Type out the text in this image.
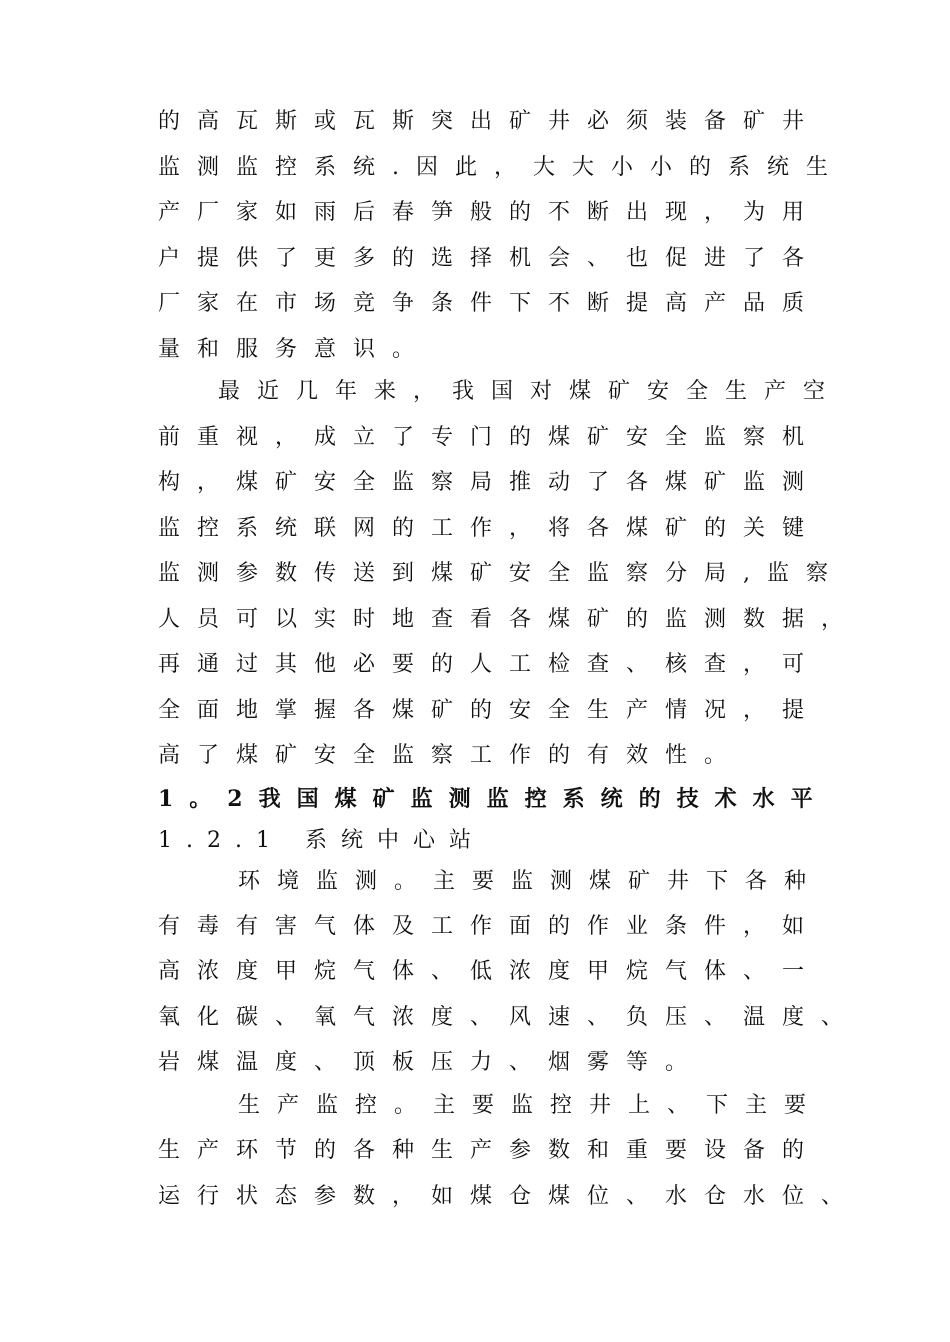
的高瓦斯或瓦斯突出矿井必须装备矿井

监测监控系统.因此，大大小小的系统生

产厂家如雨后春笋般的不断出现，为用

户提供了更多的选择机会、也促进了各

厂家在市场竞争条件下不断提高产品质

量和服务意识。

最近几年来，我国对煤矿安全生产空

前重视，成立了专门的煤矿安全监察机

构，煤矿安全监察局推动了各煤矿监测

监控系统联网的工作，将各煤矿的关键

监测参数传送到煤矿安全监察分局,监察

人员可以实时地查看各煤矿的监测数据，

再通过其他必要的人工检查、核查，可

全面地掌握各煤矿的安全生产情况，提

高了煤矿安全监察工作的有效性。

1。2我国煤矿监测监控系统的技术水平

1.2.1 系统中心站

环境监测。主要监测煤矿井下各种

有毒有害气体及工作面的作业条件，如

高浓度甲烷气体、低浓度甲烷气体、一

氧化碳、氧气浓度、风速、负压、温度、

岩煤温度、顶板压力、烟雾等。

生产监控。主要监控井上、下主要

生产环节的各种生产参数和重要设备的

运行状态参数，如煤仓煤位、水仓水位、
